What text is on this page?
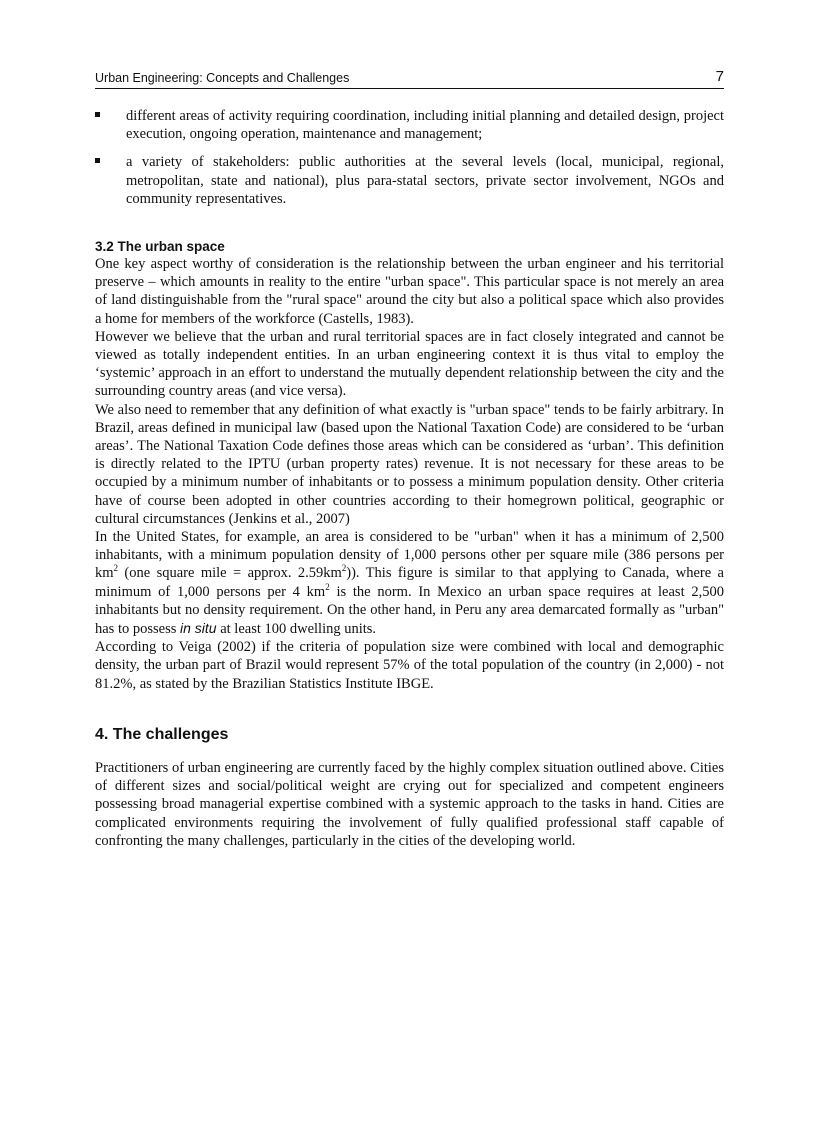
Urban Engineering: Concepts and Challenges	7
different areas of activity requiring coordination, including initial planning and detailed design, project execution, ongoing operation, maintenance and management;
a variety of stakeholders: public authorities at the several levels (local, municipal, regional, metropolitan, state and national), plus para-statal sectors, private sector involvement, NGOs and community representatives.
3.2 The urban space

One key aspect worthy of consideration is the relationship between the urban engineer and his territorial preserve – which amounts in reality to the entire "urban space". This particular space is not merely an area of land distinguishable from the "rural space" around the city but also a political space which also provides a home for members of the workforce (Castells, 1983).

However we believe that the urban and rural territorial spaces are in fact closely integrated and cannot be viewed as totally independent entities. In an urban engineering context it is thus vital to employ the ‘systemic’ approach in an effort to understand the mutually dependent relationship between the city and the surrounding country areas (and vice versa).

We also need to remember that any definition of what exactly is "urban space" tends to be fairly arbitrary. In Brazil, areas defined in municipal law (based upon the National Taxation Code) are considered to be ‘urban areas’. The National Taxation Code defines those areas which can be considered as ‘urban’. This definition is directly related to the IPTU (urban property rates) revenue. It is not necessary for these areas to be occupied by a minimum number of inhabitants or to possess a minimum population density. Other criteria have of course been adopted in other countries according to their homegrown political, geographic or cultural circumstances (Jenkins et al., 2007)

In the United States, for example, an area is considered to be "urban" when it has a minimum of 2,500 inhabitants, with a minimum population density of 1,000 persons other per square mile (386 persons per $km^2$ (one square mile = approx. $2.59km^2$)). This figure is similar to that applying to Canada, where a minimum of 1,000 persons per 4 $km^2$ is the norm. In Mexico an urban space requires at least 2,500 inhabitants but no density requirement. On the other hand, in Peru any area demarcated formally as "urban" has to possess in situ at least 100 dwelling units.

According to Veiga (2002) if the criteria of population size were combined with local and demographic density, the urban part of Brazil would represent 57% of the total population of the country (in 2,000) - not 81.2%, as stated by the Brazilian Statistics Institute IBGE.

4. The challenges

Practitioners of urban engineering are currently faced by the highly complex situation outlined above. Cities of different sizes and social/political weight are crying out for specialized and competent engineers possessing broad managerial expertise combined with a systemic approach to the tasks in hand. Cities are complicated environments requiring the involvement of fully qualified professional staff capable of confronting the many challenges, particularly in the cities of the developing world.
